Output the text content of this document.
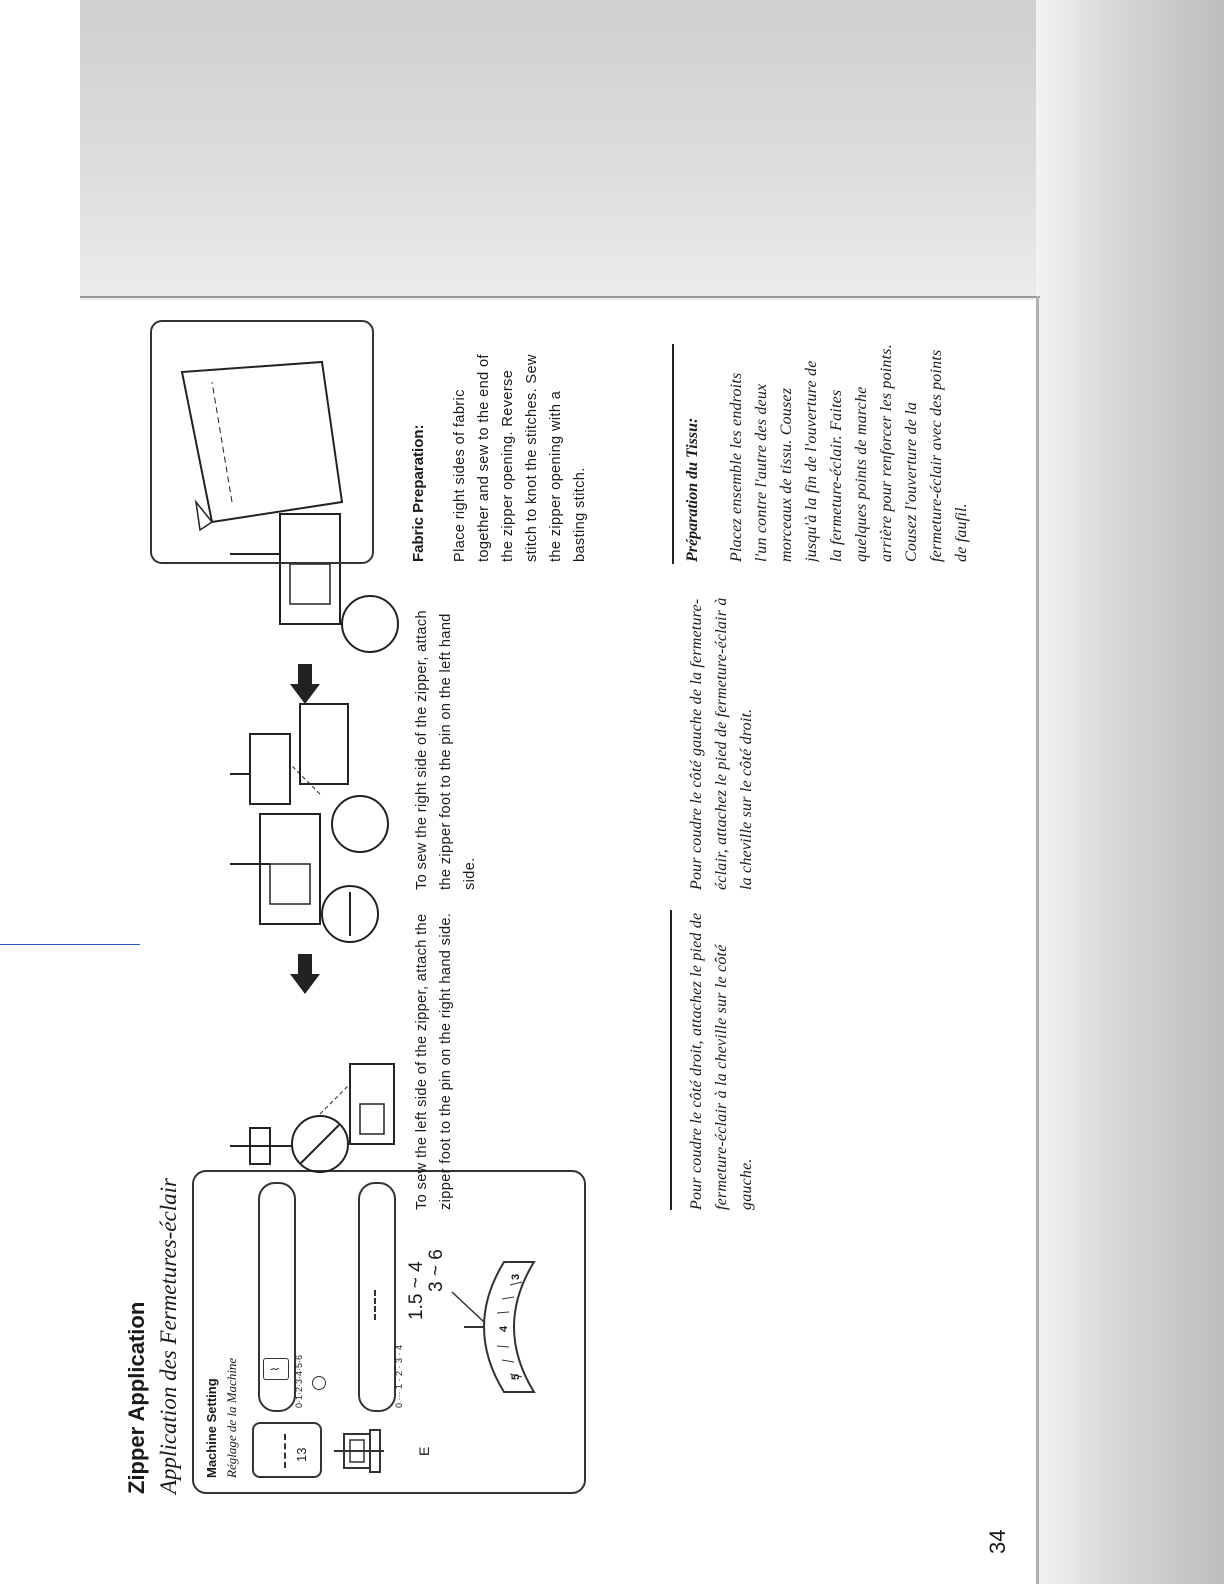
34
Zipper Application Application des Fermetures-éclair Machine Setting Réglage de la Machine	13
⌇	0·1·2·3·4·5·6
E
0 ··· 1 · 2 · 3 · 4
1.5 ~ 4
5
4
3
3 ~ 6
To sew the left side of the zipper, attach the zipper foot to the pin on the right hand side.
To sew the right side of the zipper, attach the zipper foot to the pin on the left hand side.
Pour coudre le côté droit, attachez le pied de fermeture-éclair à la cheville sur le côté gauche.
Pour coudre le côté gauche de la fermeture-éclair, attachez le pied de fermeture-éclair à la cheville sur le côté droit.
Fabric Preparation: Place right sides of fabric together and sew to the end of the zipper opening. Reverse stitch to knot the stitches. Sew the zipper opening with a basting stitch.	Préparation du Tissu: Placez ensemble les endroits l'un contre l'autre des deux morceaux de tissu. Cousez jusqu'à la fin de l'ouverture de la fermeture-éclair. Faites quelques points de marche arrière pour renforcer les points. Cousez l'ouverture de la fermeture-éclair avec des points de faufil.
